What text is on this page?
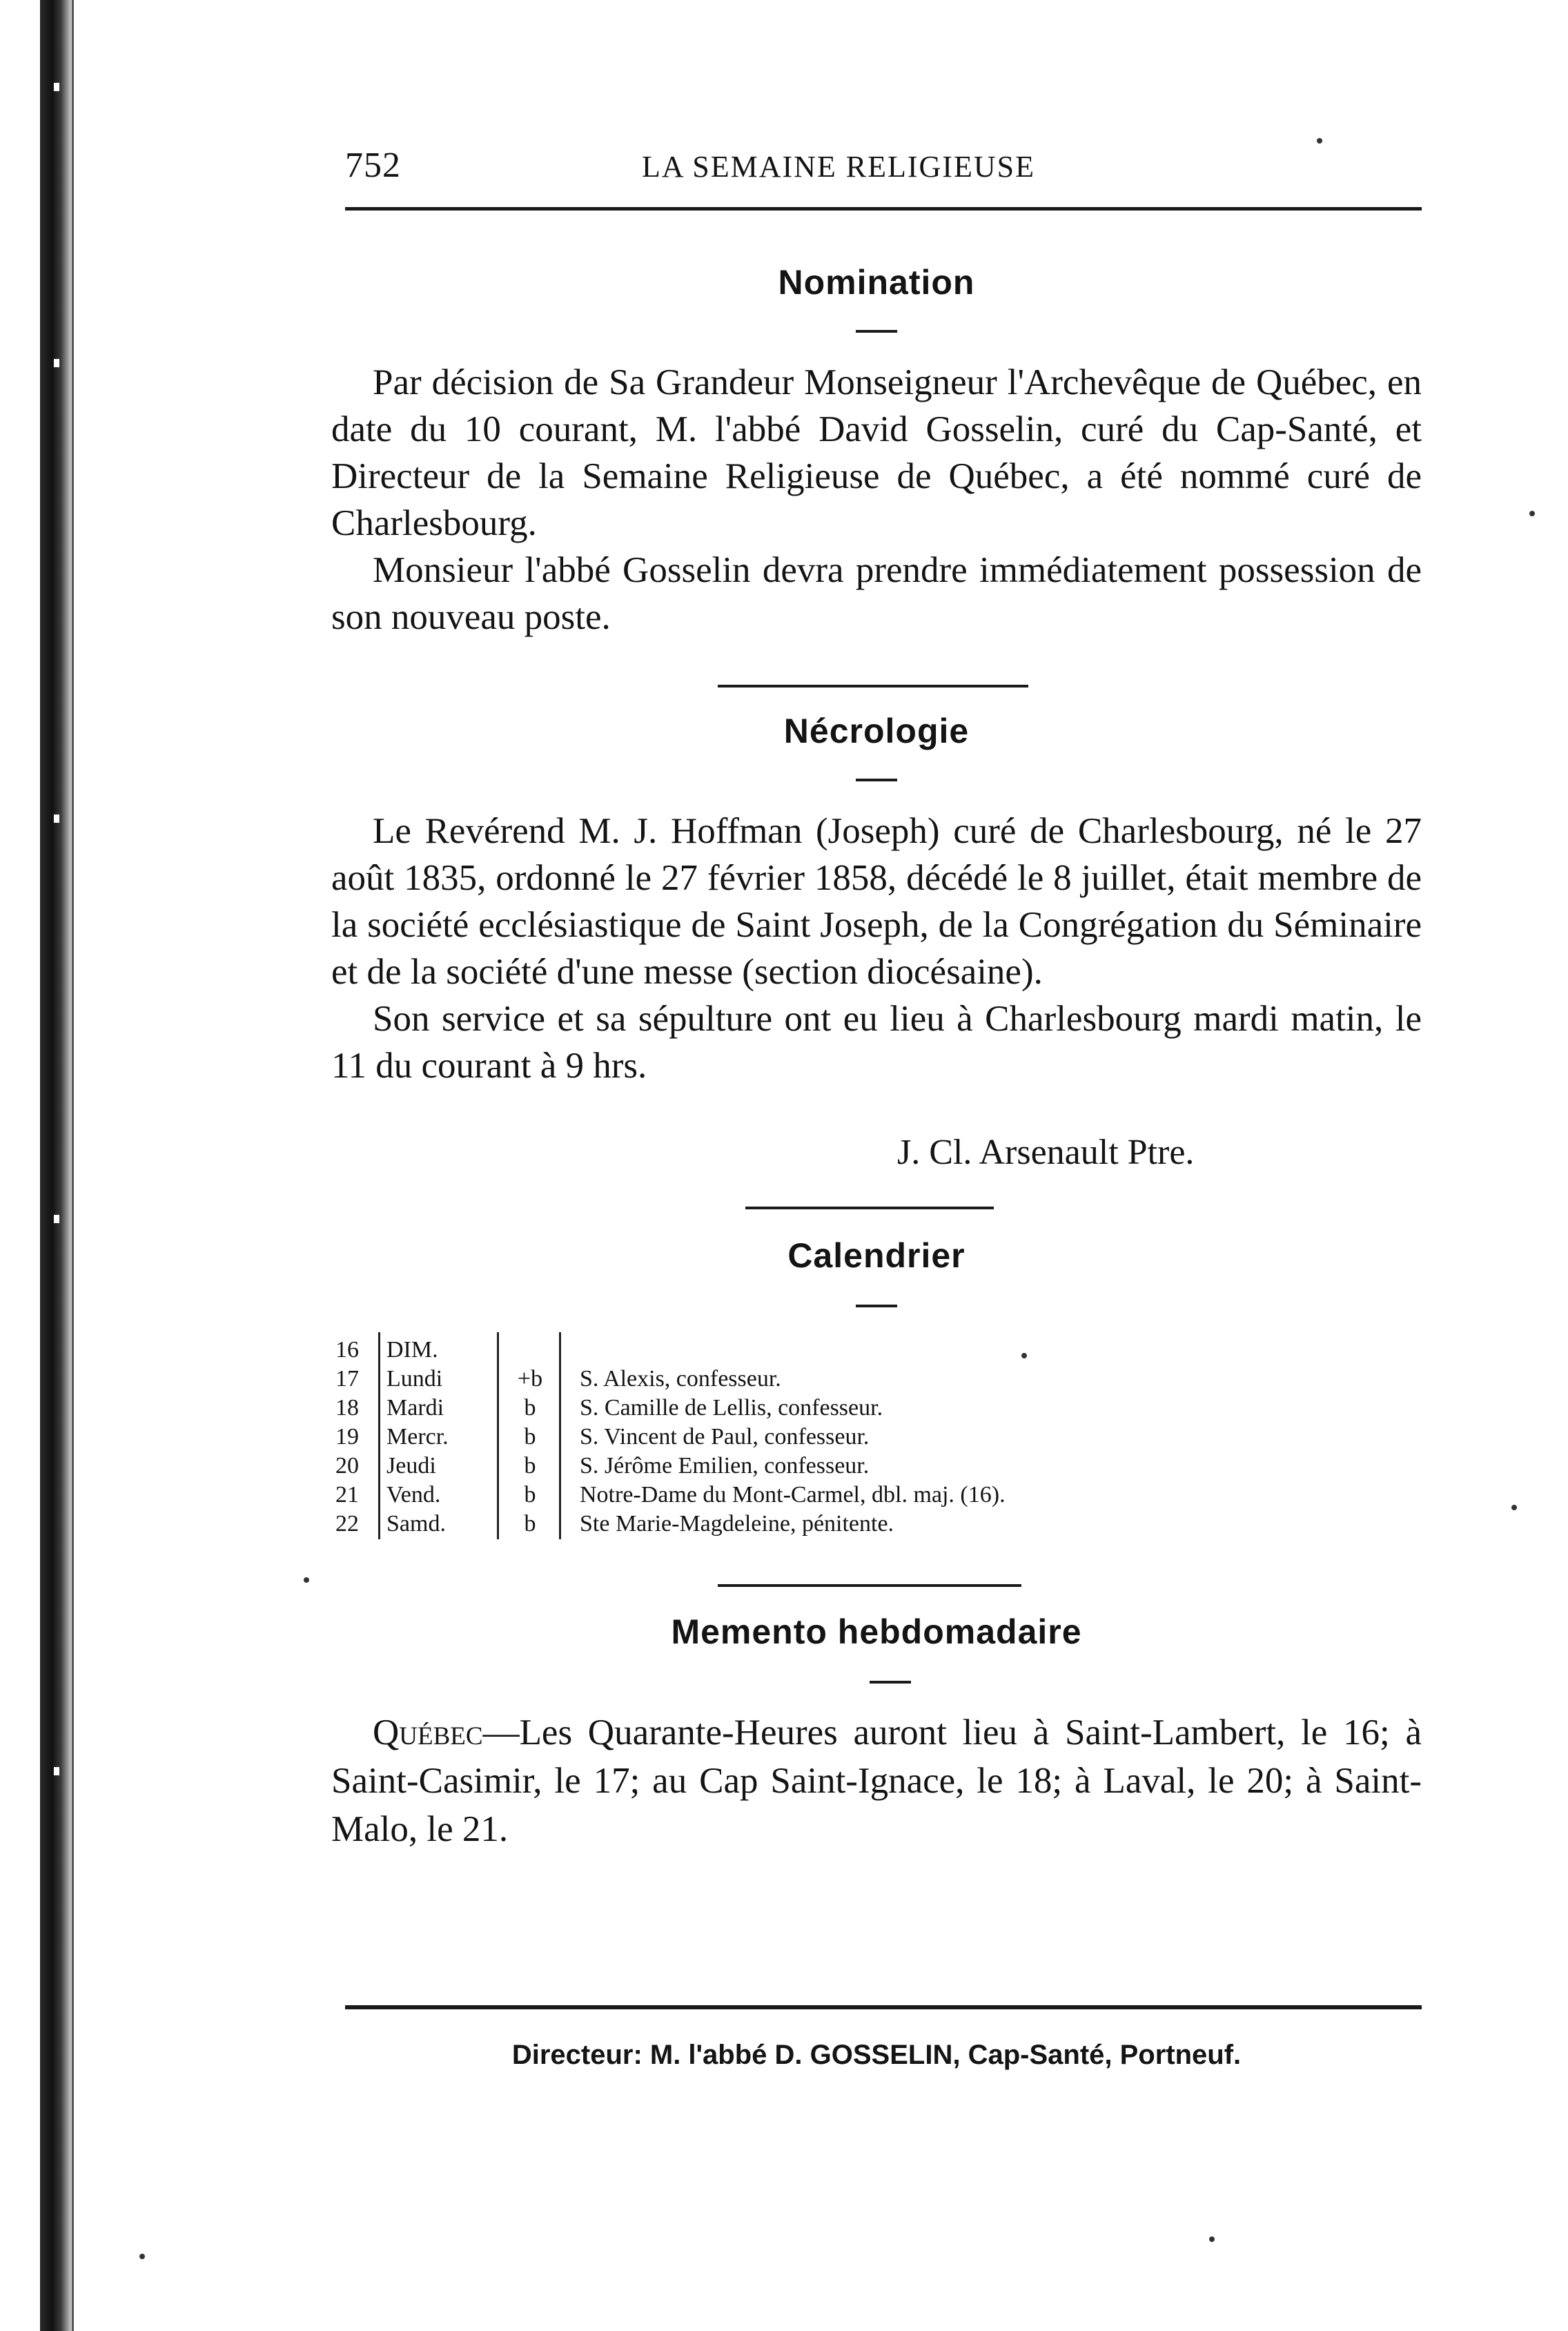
752	LA SEMAINE RELIGIEUSE
Nomination

Par décision de Sa Grandeur Monseigneur l'Archevêque de Québec, en date du 10 courant, M. l'abbé David Gosselin, curé du Cap-Santé, et Directeur de la Semaine Religieuse de Québec, a été nommé curé de Charlesbourg.

Monsieur l'abbé Gosselin devra prendre immédiatement possession de son nouveau poste.

Nécrologie

Le Revérend M. J. Hoffman (Joseph) curé de Charlesbourg, né le 27 août 1835, ordonné le 27 février 1858, décédé le 8 juillet, était membre de la société ecclésiastique de Saint Joseph, de la Congrégation du Séminaire et de la société d'une messe (section diocésaine).

Son service et sa sépulture ont eu lieu à Charlesbourg mardi matin, le 11 du courant à 9 hrs.

J. Cl. Arsenault Ptre.
Calendrier
16	DIM.
17	Lundi	+b	S. Alexis, confesseur.
18	Mardi	b	S. Camille de Lellis, confesseur.
19	Mercr.	b	S. Vincent de Paul, confesseur.
20	Jeudi	b	S. Jérôme Emilien, confesseur.
21	Vend.	b	Notre-Dame du Mont-Carmel, dbl. maj. (16).
22	Samd.	b	Ste Marie-Magdeleine, pénitente.
Memento hebdomadaire

Québec—Les Quarante-Heures auront lieu à Saint-Lambert, le 16; à Saint-Casimir, le 17; au Cap Saint-Ignace, le 18; à Laval, le 20; à Saint-Malo, le 21.

Directeur: M. l'abbé D. GOSSELIN, Cap-Santé, Portneuf.
